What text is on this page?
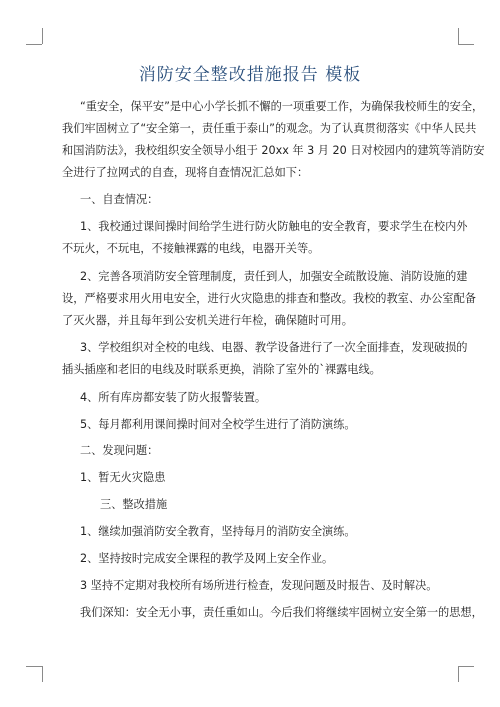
消防安全整改措施报告 模板

“重安全，保平安”是中心小学长抓不懈的一项重要工作，为确保我校师生的安全，

我们牢固树立了“安全第一，责任重于泰山”的观念。为了认真贯彻落实《中华人民共

和国消防法》，我校组织安全领导小组于 20xx 年 3 月 20 日对校园内的建筑等消防安

全进行了拉网式的自查，现将自查情况汇总如下：

一、自查情况：

1、我校通过课间操时间给学生进行防火防触电的安全教育，要求学生在校内外

不玩火，不玩电，不接触裸露的电线，电器开关等。

2、完善各项消防安全管理制度，责任到人，加强安全疏散设施、消防设施的建

设，严格要求用火用电安全，进行火灾隐患的排查和整改。我校的教室、办公室配备

了灭火器，并且每年到公安机关进行年检，确保随时可用。

3、学校组织对全校的电线、电器、教学设备进行了一次全面排查，发现破损的

插头插座和老旧的电线及时联系更换，消除了室外的`裸露电线。

4、所有库房都安装了防火报警装置。

5、每月都利用课间操时间对全校学生进行了消防演练。

二、发现问题：

1、暂无火灾隐患

三、整改措施

1、继续加强消防安全教育，坚持每月的消防安全演练。

2、坚持按时完成安全课程的教学及网上安全作业。

3 坚持不定期对我校所有场所进行检查，发现问题及时报告、及时解决。

我们深知：安全无小事，责任重如山。今后我们将继续牢固树立安全第一的思想，
